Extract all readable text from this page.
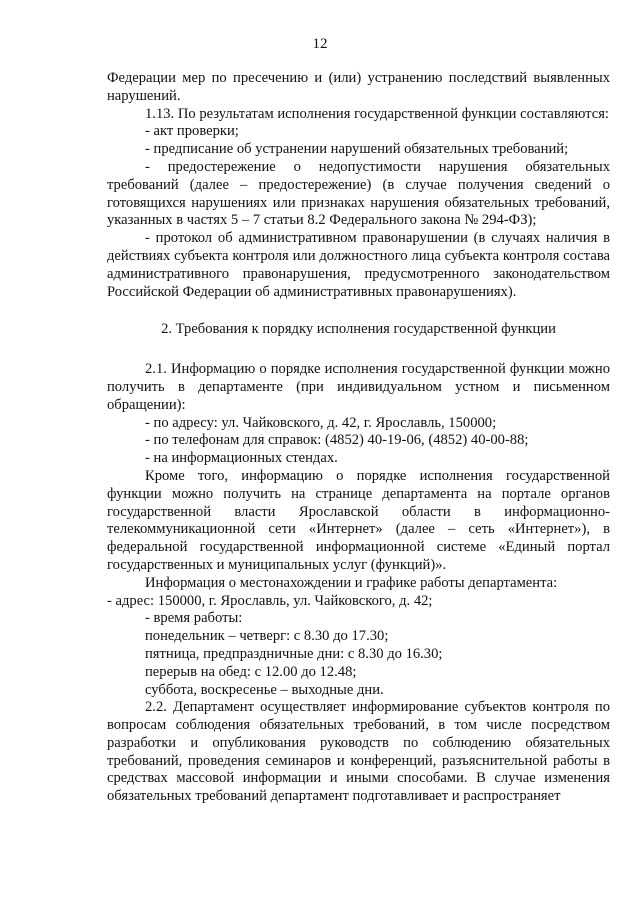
12

Федерации мер по пресечению и (или) устранению последствий выявленных нарушений.

1.13. По результатам исполнения государственной функции составляются:

- акт проверки;

- предписание об устранении нарушений обязательных требований;

- предостережение о недопустимости нарушения обязательных требований (далее – предостережение) (в случае получения сведений о готовящихся нарушениях или признаках нарушения обязательных требований, указанных в частях 5 – 7 статьи 8.2 Федерального закона № 294-ФЗ);

- протокол об административном правонарушении (в случаях наличия в действиях субъекта контроля или должностного лица субъекта контроля состава административного правонарушения, предусмотренного законодательством Российской Федерации об административных правонарушениях).

2. Требования к порядку исполнения государственной функции

2.1. Информацию о порядке исполнения государственной функции можно получить в департаменте (при индивидуальном устном и письменном обращении):

- по адресу: ул. Чайковского, д. 42, г. Ярославль, 150000;

- по телефонам для справок: (4852) 40-19-06, (4852) 40-00-88;

- на информационных стендах.

Кроме того, информацию о порядке исполнения государственной функции можно получить на странице департамента на портале органов государственной власти Ярославской области в информационно-телекоммуникационной сети «Интернет» (далее – сеть «Интернет»), в федеральной государственной информационной системе «Единый портал государственных и муниципальных услуг (функций)».

Информация о местонахождении и графике работы департамента:

- адрес: 150000, г. Ярославль, ул. Чайковского, д. 42;

- время работы:

понедельник – четверг: с 8.30 до 17.30;

пятница, предпраздничные дни: с 8.30 до 16.30;

перерыв на обед: с 12.00 до 12.48;

суббота, воскресенье – выходные дни.

2.2. Департамент осуществляет информирование субъектов контроля по вопросам соблюдения обязательных требований, в том числе посредством разработки и опубликования руководств по соблюдению обязательных требований, проведения семинаров и конференций, разъяснительной работы в средствах массовой информации и иными способами. В случае изменения обязательных требований департамент подготавливает и распространяет
